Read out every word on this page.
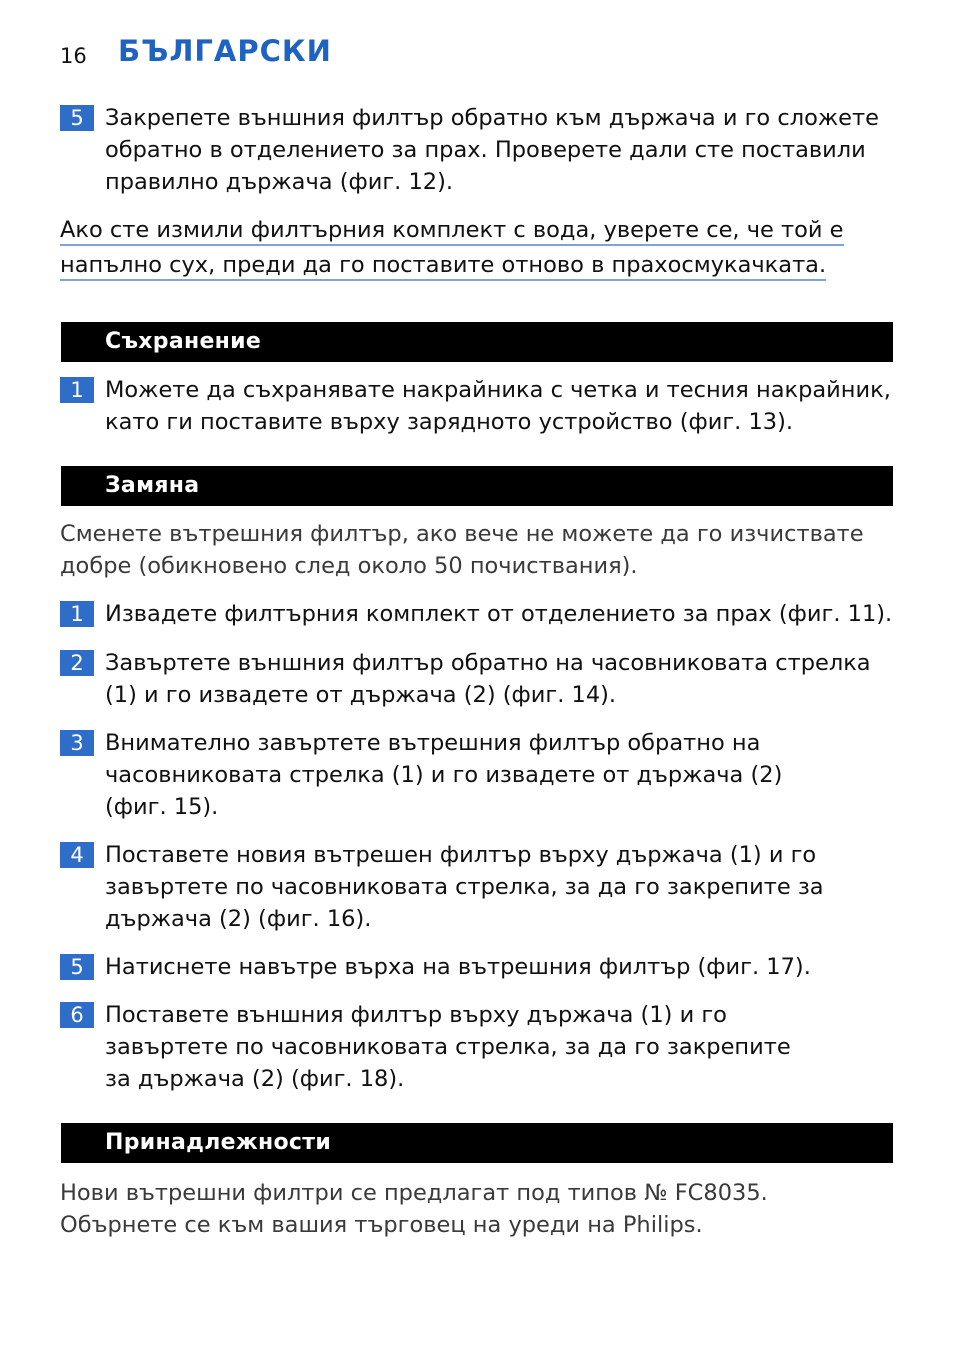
16 БЪЛГАРСКИ
5 Закрепете външния филтър обратно към държача и го сложете обратно в отделението за прах. Проверете дали сте поставили правилно държача (фиг. 12).
Ако сте измили филтърния комплект с вода, уверете се, че той е
напълно сух, преди да го поставите отново в прахосмукачката.
Съхранение
1 Можете да съхранявате накрайника с четка и тесния накрайник, като ги поставите върху зарядното устройство (фиг. 13).
Замяна
Сменете вътрешния филтър, ако вече не можете да го изчиствате
добре (обикновено след около 50 почиствания).
1 Извадете филтърния комплект от отделението за прах (фиг. 11).
2 Завъртете външния филтър обратно на часовниковата стрелка (1) и го извадете от държача (2) (фиг. 14).
3 Внимателно завъртете вътрешния филтър обратно на часовниковата стрелка (1) и го извадете от държача (2) (фиг. 15).
4 Поставете новия вътрешен филтър върху държача (1) и го завъртете по часовниковата стрелка, за да го закрепите за държача (2) (фиг. 16).
5 Натиснете навътре върха на вътрешния филтър (фиг. 17).
6 Поставете външния филтър върху държача (1) и го завъртете по часовниковата стрелка, за да го закрепите за държача (2) (фиг. 18).
Принадлежности
Нови вътрешни филтри се предлагат под типов № FC8035.
Обърнете се към вашия търговец на уреди на Philips.
